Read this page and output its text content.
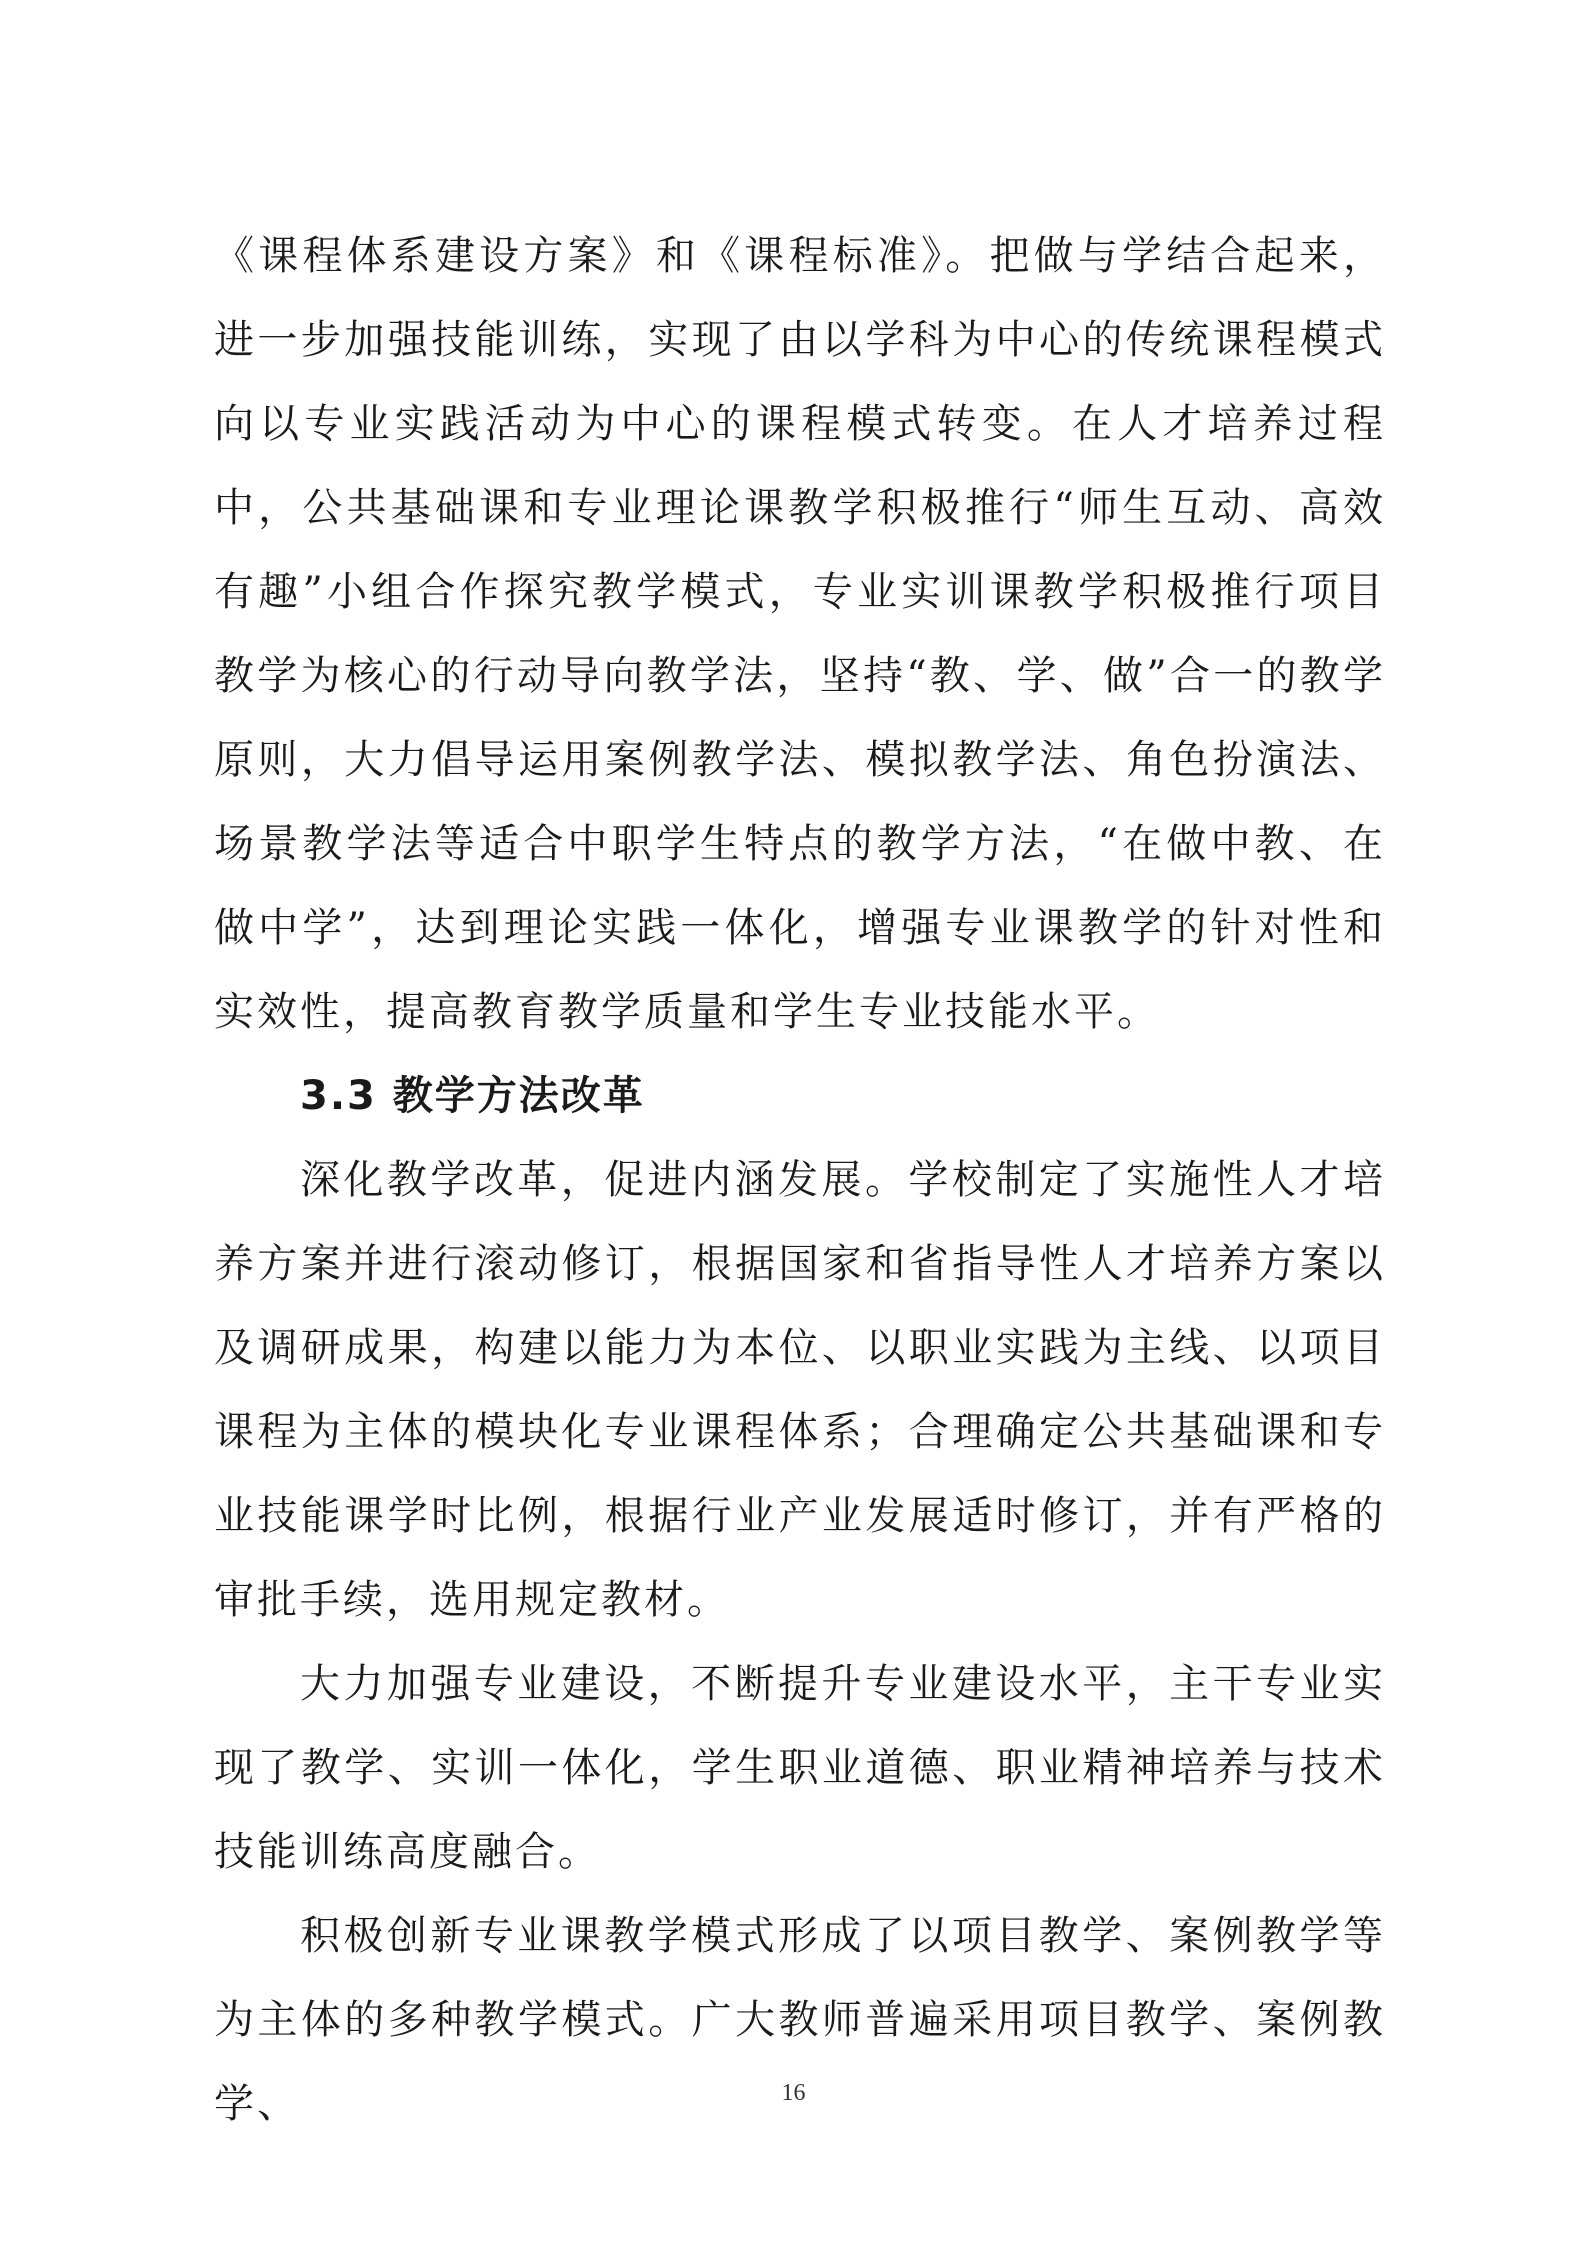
《课程体系建设方案》和《课程标准》。把做与学结合起来，进一步加强技能训练，实现了由以学科为中心的传统课程模式向以专业实践活动为中心的课程模式转变。在人才培养过程中，公共基础课和专业理论课教学积极推行“师生互动、高效有趣”小组合作探究教学模式，专业实训课教学积极推行项目教学为核心的行动导向教学法，坚持“教、学、做”合一的教学原则，大力倡导运用案例教学法、模拟教学法、角色扮演法、场景教学法等适合中职学生特点的教学方法，“在做中教、在做中学”，达到理论实践一体化，增强专业课教学的针对性和实效性，提高教育教学质量和学生专业技能水平。

3.3 教学方法改革

深化教学改革，促进内涵发展。学校制定了实施性人才培养方案并进行滚动修订，根据国家和省指导性人才培养方案以及调研成果，构建以能力为本位、以职业实践为主线、以项目课程为主体的模块化专业课程体系；合理确定公共基础课和专业技能课学时比例，根据行业产业发展适时修订，并有严格的审批手续，选用规定教材。

大力加强专业建设，不断提升专业建设水平，主干专业实现了教学、实训一体化，学生职业道德、职业精神培养与技术技能训练高度融合。

积极创新专业课教学模式形成了以项目教学、案例教学等为主体的多种教学模式。广大教师普遍采用项目教学、案例教学、	16
